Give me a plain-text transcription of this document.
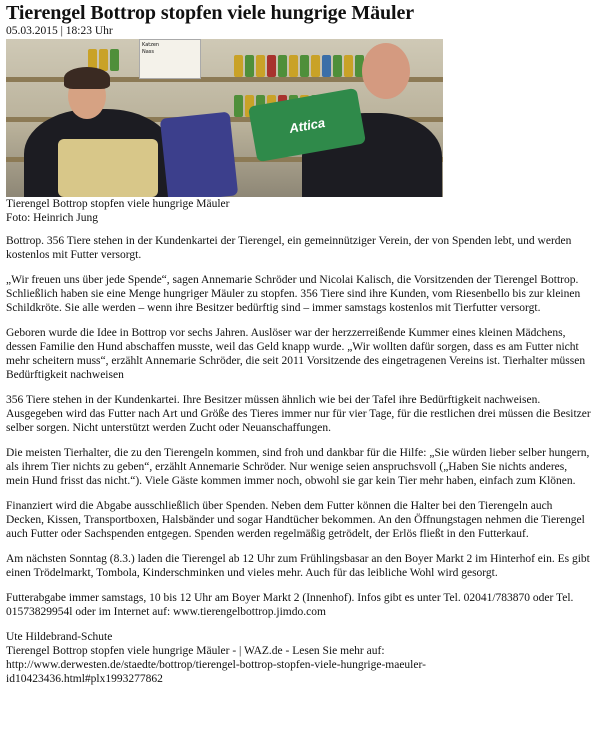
Tierengel Bottrop stopfen viele hungrige Mäuler
05.03.2015 | 18:23 Uhr
Katzen
Nass
Attica
Tierengel Bottrop stopfen viele hungrige Mäuler
Foto: Heinrich Jung

Bottrop. 356 Tiere stehen in der Kundenkartei der Tierengel, ein gemeinnütziger Verein, der von Spenden lebt, und werden kostenlos mit Futter versorgt.

„Wir freuen uns über jede Spende“, sagen Annemarie Schröder und Nicolai Kalisch, die Vorsitzenden der Tierengel Bottrop. Schließlich haben sie eine Menge hungriger Mäuler zu stopfen. 356 Tiere sind ihre Kunden, vom Riesenbello bis zur kleinen Schildkröte. Sie alle werden – wenn ihre Besitzer bedürftig sind – immer samstags kostenlos mit Tierfutter versorgt.

Geboren wurde die Idee in Bottrop vor sechs Jahren. Auslöser war der herzzerreißende Kummer eines kleinen Mädchens, dessen Familie den Hund abschaffen musste, weil das Geld knapp wurde. „Wir wollten dafür sorgen, dass es am Futter nicht mehr scheitern muss“, erzählt Annemarie Schröder, die seit 2011 Vorsitzende des eingetragenen Vereins ist. Tierhalter müssen Bedürftigkeit nachweisen

356 Tiere stehen in der Kundenkartei. Ihre Besitzer müssen ähnlich wie bei der Tafel ihre Bedürftigkeit nachweisen. Ausgegeben wird das Futter nach Art und Größe des Tieres immer nur für vier Tage, für die restlichen drei müssen die Besitzer selber sorgen. Nicht unterstützt werden Zucht oder Neuanschaffungen.

Die meisten Tierhalter, die zu den Tierengeln kommen, sind froh und dankbar für die Hilfe: „Sie würden lieber selber hungern, als ihrem Tier nichts zu geben“, erzählt Annemarie Schröder. Nur wenige seien anspruchsvoll („Haben Sie nichts anderes, mein Hund frisst das nicht.“). Viele Gäste kommen immer noch, obwohl sie gar kein Tier mehr haben, einfach zum Klönen.

Finanziert wird die Abgabe ausschließlich über Spenden. Neben dem Futter können die Halter bei den Tierengeln auch Decken, Kissen, Transportboxen, Halsbänder und sogar Handtücher bekommen. An den Öffnungstagen nehmen die Tierengel auch Futter oder Sachspenden entgegen. Spenden werden regelmäßig getrödelt, der Erlös fließt in den Futterkauf.

Am nächsten Sonntag (8.3.) laden die Tierengel ab 12 Uhr zum Frühlingsbasar an den Boyer Markt 2 im Hinterhof ein. Es gibt einen Trödelmarkt, Tombola, Kinderschminken und vieles mehr. Auch für das leibliche Wohl wird gesorgt.

Futterabgabe immer samstags, 10 bis 12 Uhr am Boyer Markt 2 (Innenhof). Infos gibt es unter Tel. 02041/783870 oder Tel. 01573829954l oder im Internet auf: www.tierengelbottrop.jimdo.com

Ute Hildebrand-Schute

Tierengel Bottrop stopfen viele hungrige Mäuler - | WAZ.de - Lesen Sie mehr auf:

http://www.derwesten.de/staedte/bottrop/tierengel-bottrop-stopfen-viele-hungrige-maeuler-

id10423436.html#plx1993277862
